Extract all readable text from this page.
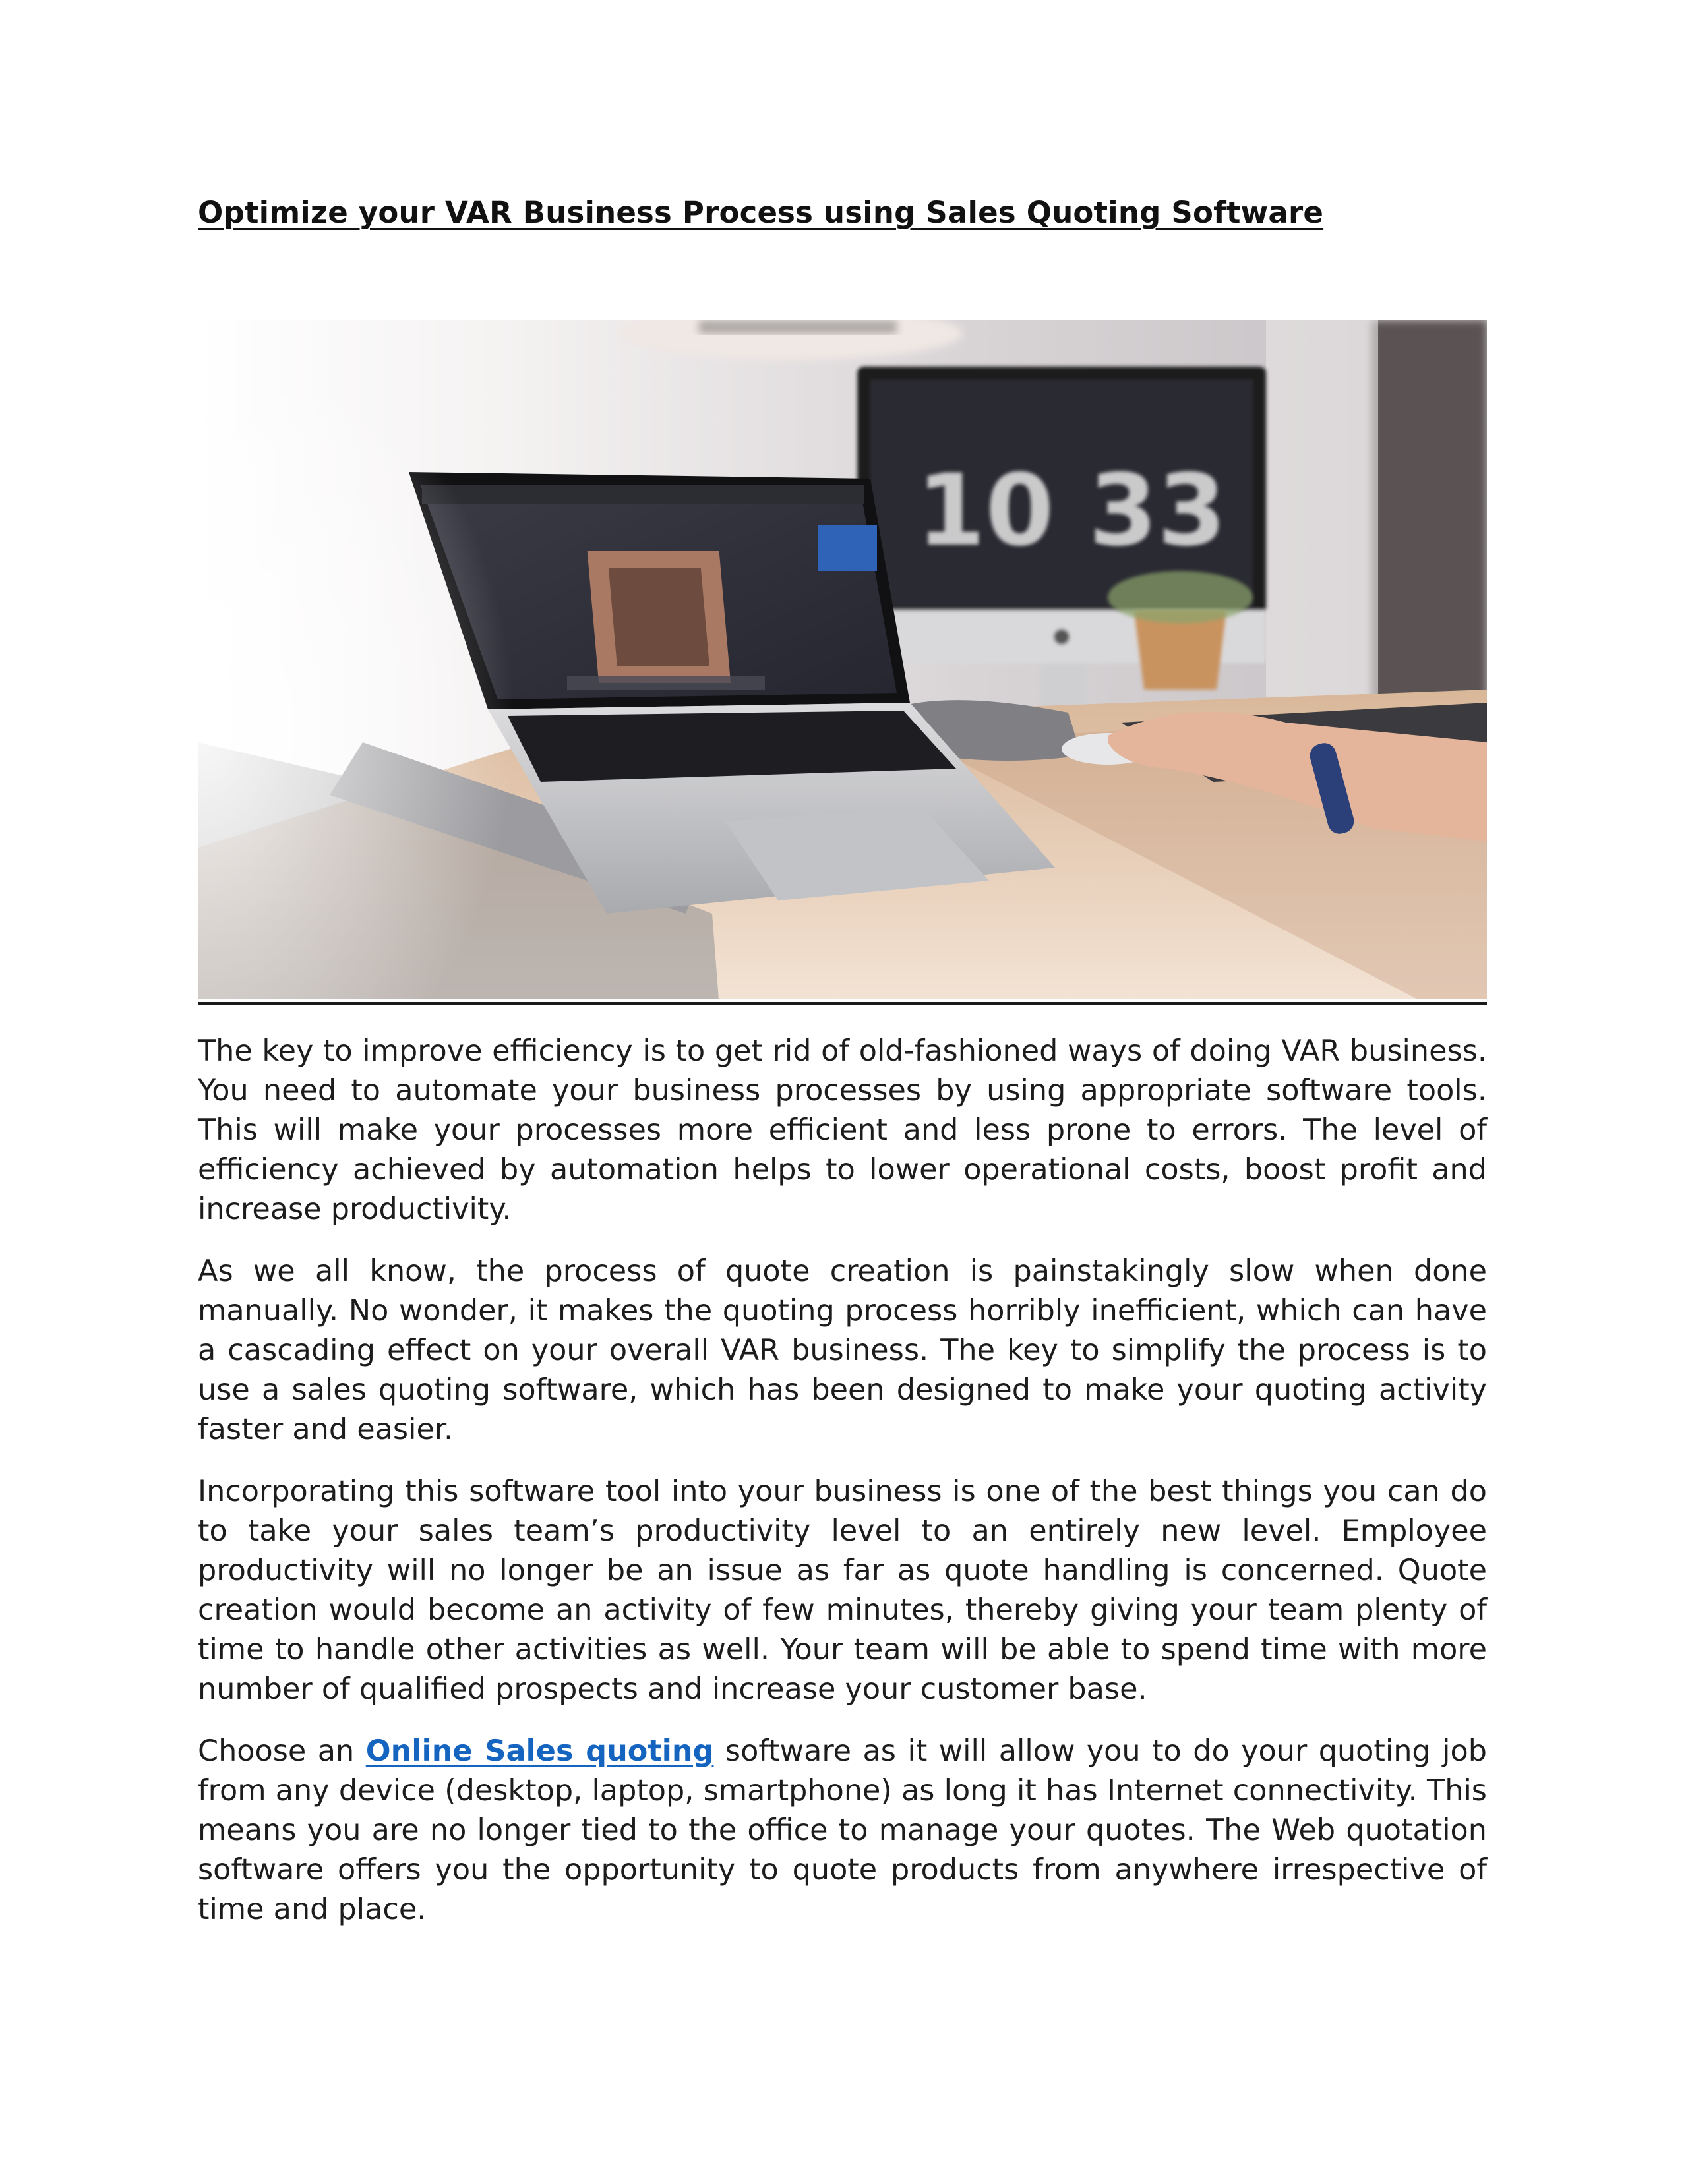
Optimize your VAR Business Process using Sales Quoting Software
10 33

The key to improve efficiency is to get rid of old-fashioned ways of doing VAR business. You need to automate your business processes by using appropriate software tools. This will make your processes more efficient and less prone to errors. The level of efficiency achieved by automation helps to lower operational costs, boost profit and increase productivity.

As we all know, the process of quote creation is painstakingly slow when done manually. No wonder, it makes the quoting process horribly inefficient, which can have a cascading effect on your overall VAR business. The key to simplify the process is to use a sales quoting software, which has been designed to make your quoting activity faster and easier.

Incorporating this software tool into your business is one of the best things you can do to take your sales team’s productivity level to an entirely new level. Employee productivity will no longer be an issue as far as quote handling is concerned. Quote creation would become an activity of few minutes, thereby giving your team plenty of time to handle other activities as well. Your team will be able to spend time with more number of qualified prospects and increase your customer base.

Choose an Online Sales quoting software as it will allow you to do your quoting job from any device (desktop, laptop, smartphone) as long it has Internet connectivity. This means you are no longer tied to the office to manage your quotes. The Web quotation software offers you the opportunity to quote products from anywhere irrespective of time and place.
